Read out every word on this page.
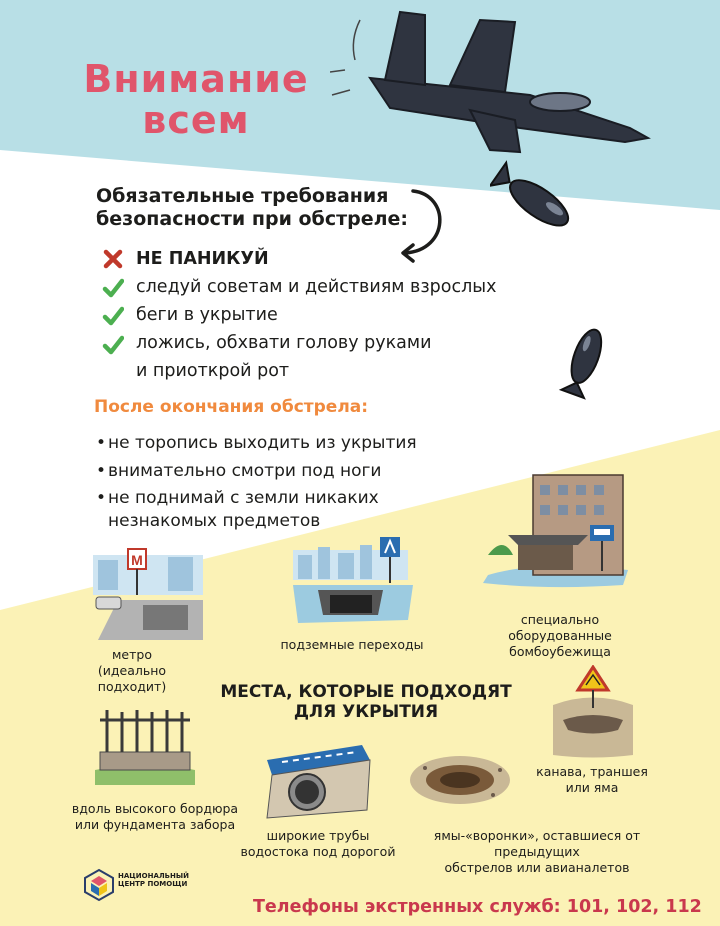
Внимание
всем
Обязательные требования
безопасности при обстреле:
НЕ ПАНИКУЙ
следуй советам и действиям взрослых
беги в укрытие
ложись, обхвати голову руками
и приоткрой рот
После окончания обстрела:
• не торопись выходить из укрытия
• внимательно смотри под ноги
• не поднимай с земли никаких
незнакомых предметов
М
метро
(идеально подходит)
подземные переходы
специально оборудованные
бомбоубежища
МЕСТА, КОТОРЫЕ ПОДХОДЯТ
ДЛЯ УКРЫТИЯ
канава, траншея
или яма
вдоль высокого бордюра
или фундамента забора
широкие трубы
водостока под дорогой
ямы-«воронки», оставшиеся от предыдущих
обстрелов или авианалетов
НАЦИОНАЛЬНЫЙ
ЦЕНТР ПОМОЩИ
Телефоны экстренных служб: 101, 102, 112
